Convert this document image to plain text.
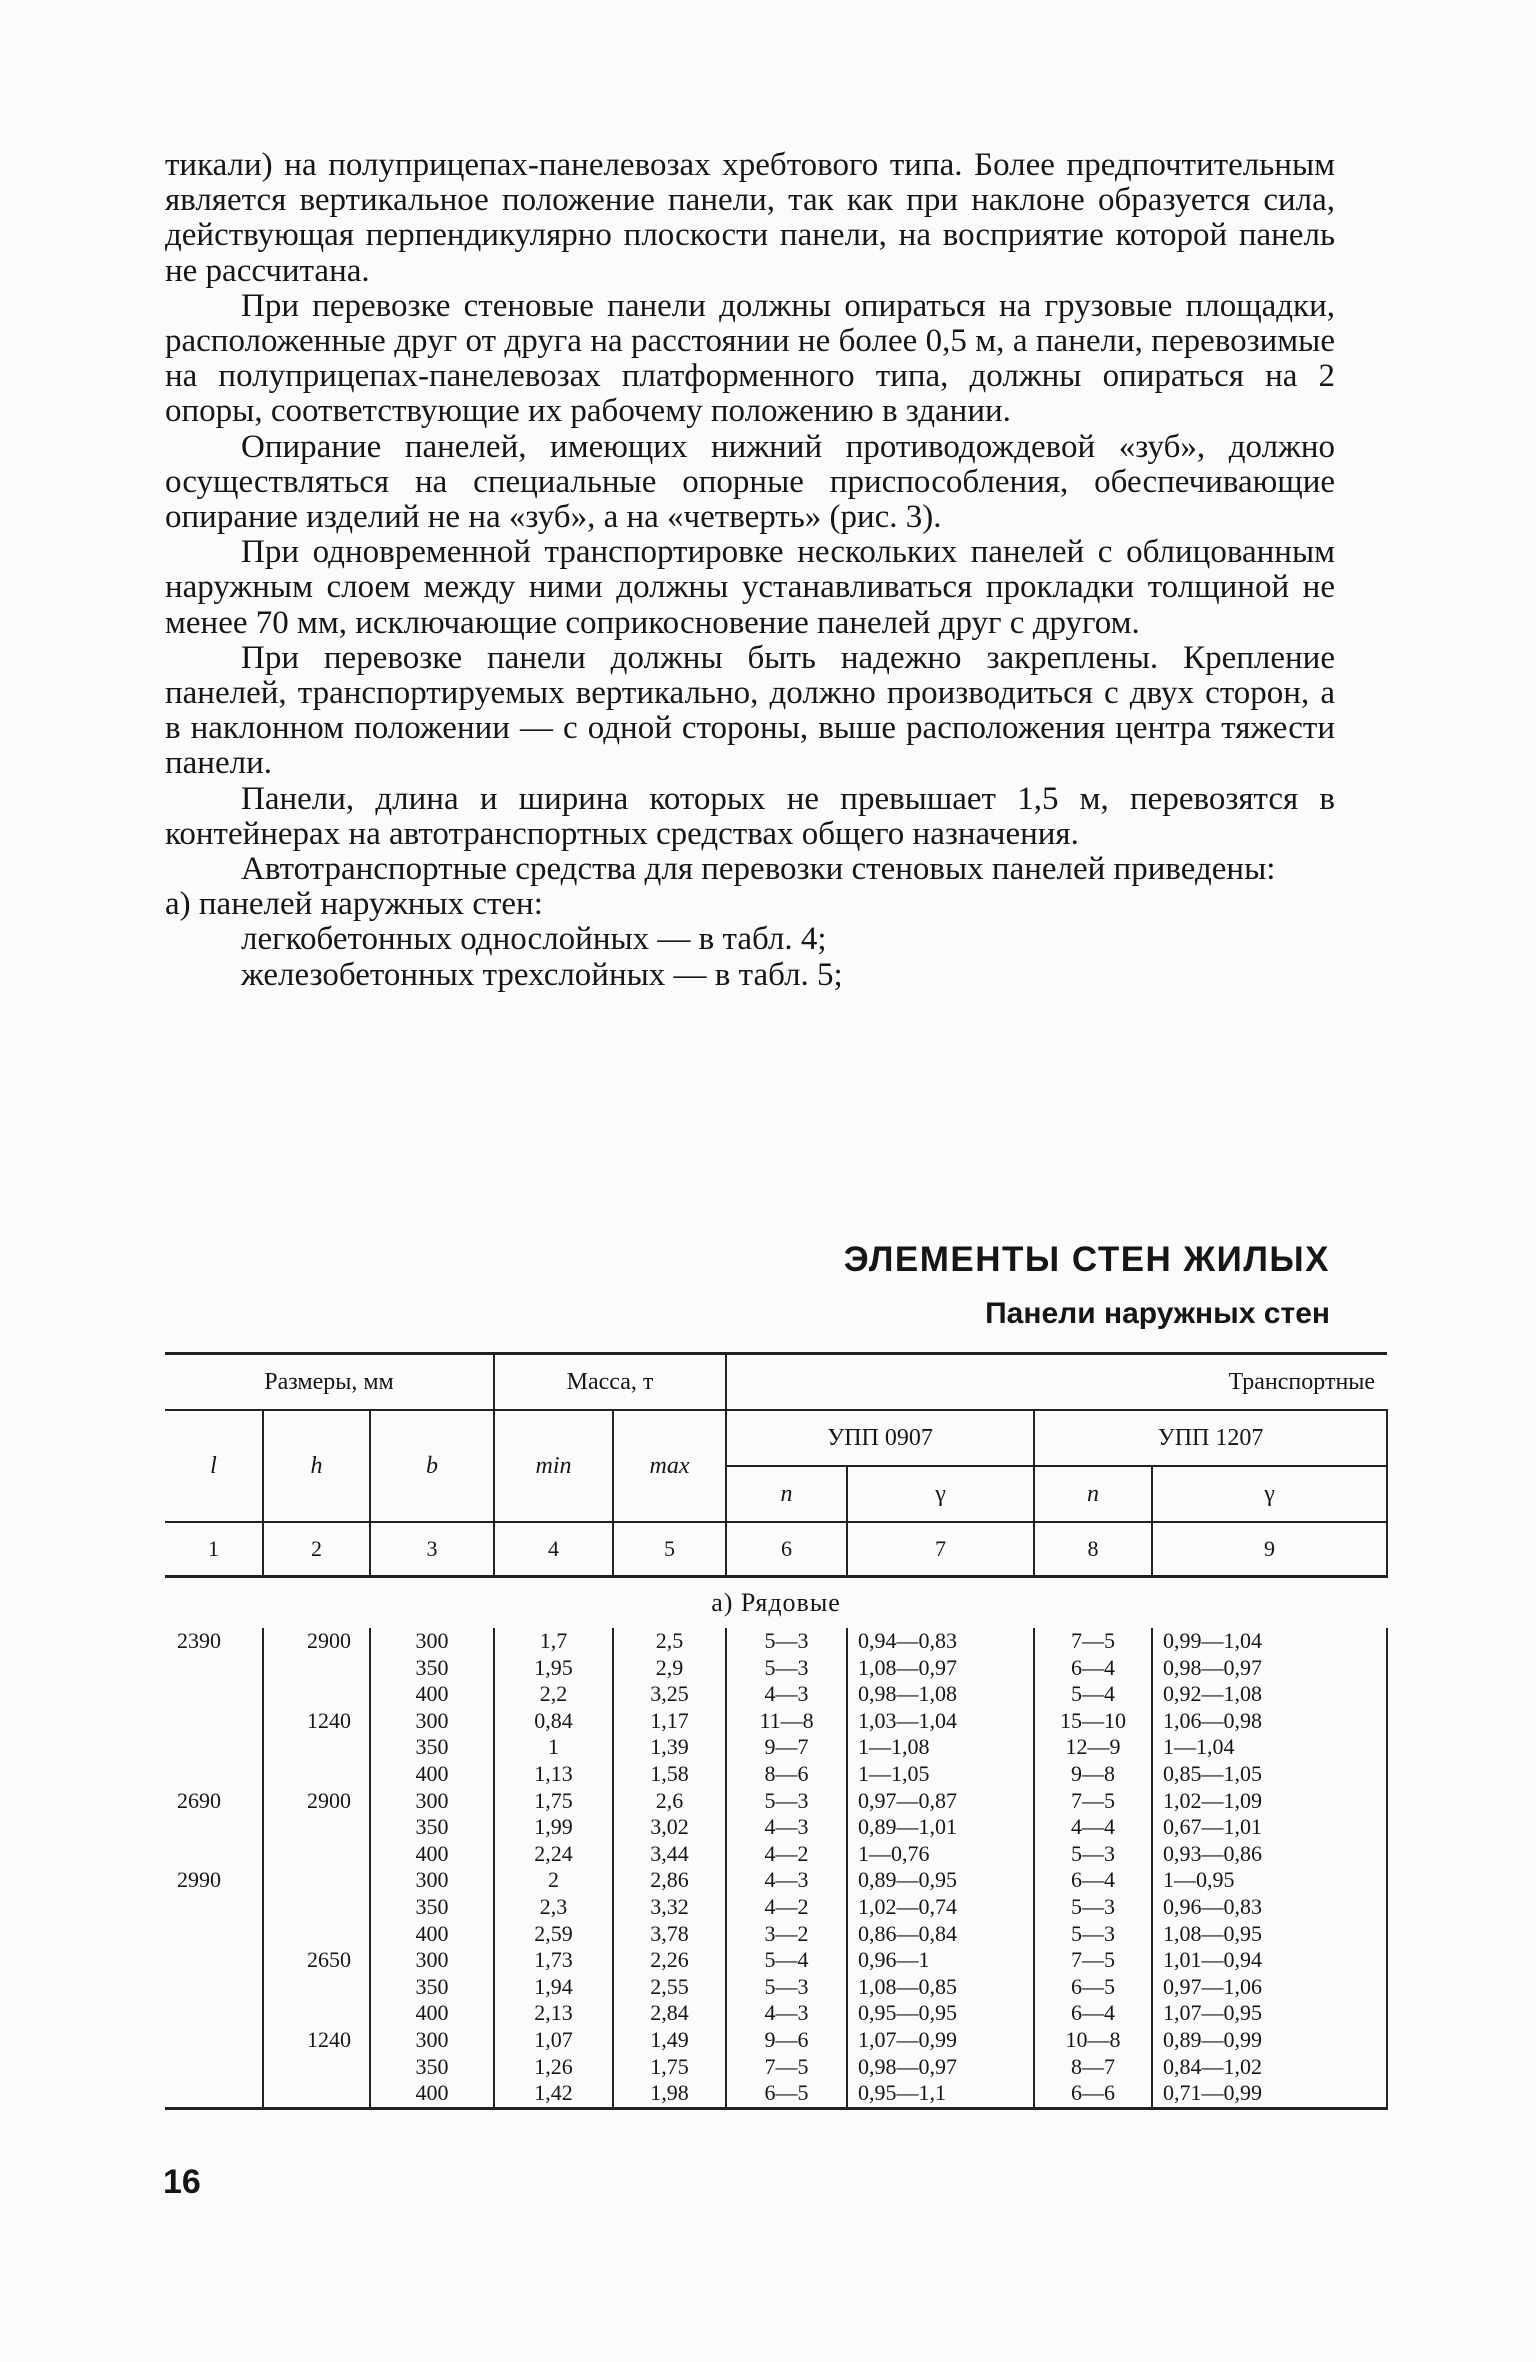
тикали) на полуприцепах-панелевозах хребтового типа. Более предпочтительным является вертикальное положение панели, так как при наклоне образуется сила, действующая перпендикулярно плоскости панели, на восприятие которой панель не рассчитана.

При перевозке стеновые панели должны опираться на грузовые площадки, расположенные друг от друга на расстоянии не более 0,5 м, а панели, перевозимые на полуприцепах-панелевозах платформенного типа, должны опираться на 2 опоры, соответствующие их рабочему положению в здании.

Опирание панелей, имеющих нижний противодождевой «зуб», должно осуществляться на специальные опорные приспособления, обеспечивающие опирание изделий не на «зуб», а на «четверть» (рис. 3).

При одновременной транспортировке нескольких панелей с облицованным наружным слоем между ними должны устанавливаться прокладки толщиной не менее 70 мм, исключающие соприкосновение панелей друг с другом.

При перевозке панели должны быть надежно закреплены. Крепление панелей, транспортируемых вертикально, должно производиться с двух сторон, а в наклонном положении — с одной стороны, выше расположения центра тяжести панели.

Панели, длина и ширина которых не превышает 1,5 м, перевозятся в контейнерах на автотранспортных средствах общего назначения.

Автотранспортные средства для перевозки стеновых панелей приведены:

а) панелей наружных стен:
легкобетонных однослойных — в табл. 4;
железобетонных трехслойных — в табл. 5;
ЭЛЕМЕНТЫ СТЕН ЖИЛЫХ
Панели наружных стен
Размеры, мм			Масса, т		Транспортные			
l	h	b	min	max	УПП 0907		УПП 1207	
					n	γ	n	γ
1	2	3	4	5	6	7	8	9
а) Рядовые								
2390	2900	300	1,7	2,5	5—3	0,94—0,83	7—5	0,99—1,04
		350	1,95	2,9	5—3	1,08—0,97	6—4	0,98—0,97
		400	2,2	3,25	4—3	0,98—1,08	5—4	0,92—1,08
	1240	300	0,84	1,17	11—8	1,03—1,04	15—10	1,06—0,98
		350	1	1,39	9—7	1—1,08	12—9	1—1,04
		400	1,13	1,58	8—6	1—1,05	9—8	0,85—1,05
2690	2900	300	1,75	2,6	5—3	0,97—0,87	7—5	1,02—1,09
		350	1,99	3,02	4—3	0,89—1,01	4—4	0,67—1,01
		400	2,24	3,44	4—2	1—0,76	5—3	0,93—0,86
2990		300	2	2,86	4—3	0,89—0,95	6—4	1—0,95
		350	2,3	3,32	4—2	1,02—0,74	5—3	0,96—0,83
		400	2,59	3,78	3—2	0,86—0,84	5—3	1,08—0,95
	2650	300	1,73	2,26	5—4	0,96—1	7—5	1,01—0,94
		350	1,94	2,55	5—3	1,08—0,85	6—5	0,97—1,06
		400	2,13	2,84	4—3	0,95—0,95	6—4	1,07—0,95
	1240	300	1,07	1,49	9—6	1,07—0,99	10—8	0,89—0,99
		350	1,26	1,75	7—5	0,98—0,97	8—7	0,84—1,02
		400	1,42	1,98	6—5	0,95—1,1	6—6	0,71—0,99
16
